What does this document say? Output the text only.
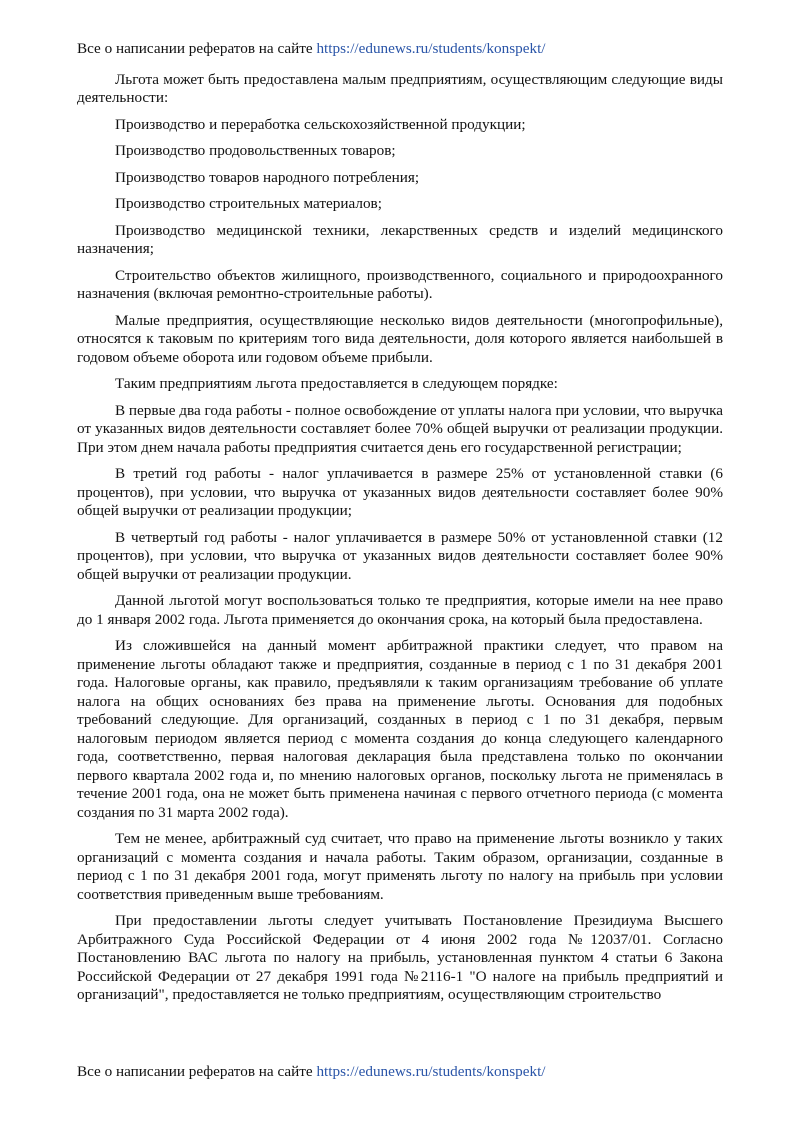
Все о написании рефератов на сайте https://edunews.ru/students/konspekt/

Льгота может быть предоставлена малым предприятиям, осуществляющим следующие виды деятельности:

Производство и переработка сельскохозяйственной продукции;

Производство продовольственных товаров;

Производство товаров народного потребления;

Производство строительных материалов;

Производство медицинской техники, лекарственных средств и изделий медицинского назначения;

Строительство объектов жилищного, производственного, социального и природоохранного назначения (включая ремонтно-строительные работы).

Малые предприятия, осуществляющие несколько видов деятельности (многопрофильные), относятся к таковым по критериям того вида деятельности, доля которого является наибольшей в годовом объеме оборота или годовом объеме прибыли.

Таким предприятиям льгота предоставляется в следующем порядке:

В первые два года работы - полное освобождение от уплаты налога при условии, что выручка от указанных видов деятельности составляет более 70% общей выручки от реализации продукции. При этом днем начала работы предприятия считается день его государственной регистрации;

В третий год работы - налог уплачивается в размере 25% от установленной ставки (6 процентов), при условии, что выручка от указанных видов деятельности составляет более 90% общей выручки от реализации продукции;

В четвертый год работы - налог уплачивается в размере 50% от установленной ставки (12 процентов), при условии, что выручка от указанных видов деятельности составляет более 90% общей выручки от реализации продукции.

Данной льготой могут воспользоваться только те предприятия, которые имели на нее право до 1 января 2002 года. Льгота применяется до окончания срока, на который была предоставлена.

Из сложившейся на данный момент арбитражной практики следует, что правом на применение льготы обладают также и предприятия, созданные в период с 1 по 31 декабря 2001 года. Налоговые органы, как правило, предъявляли к таким организациям требование об уплате налога на общих основаниях без права на применение льготы. Основания для подобных требований следующие. Для организаций, созданных в период с 1 по 31 декабря, первым налоговым периодом является период с момента создания до конца следующего календарного года, соответственно, первая налоговая декларация была представлена только по окончании первого квартала 2002 года и, по мнению налоговых органов, поскольку льгота не применялась в течение 2001 года, она не может быть применена начиная с первого отчетного периода (с момента создания по 31 марта 2002 года).

Тем не менее, арбитражный суд считает, что право на применение льготы возникло у таких организаций с момента создания и начала работы. Таким образом, организации, созданные в период с 1 по 31 декабря 2001 года, могут применять льготу по налогу на прибыль при условии соответствия приведенным выше требованиям.

При предоставлении льготы следует учитывать Постановление Президиума Высшего Арбитражного Суда Российской Федерации от 4 июня 2002 года №12037/01. Согласно Постановлению ВАС льгота по налогу на прибыль, установленная пунктом 4 статьи 6 Закона Российской Федерации от 27 декабря 1991 года №2116-1 "О налоге на прибыль предприятий и организаций", предоставляется не только предприятиям, осуществляющим строительство

Все о написании рефератов на сайте https://edunews.ru/students/konspekt/
